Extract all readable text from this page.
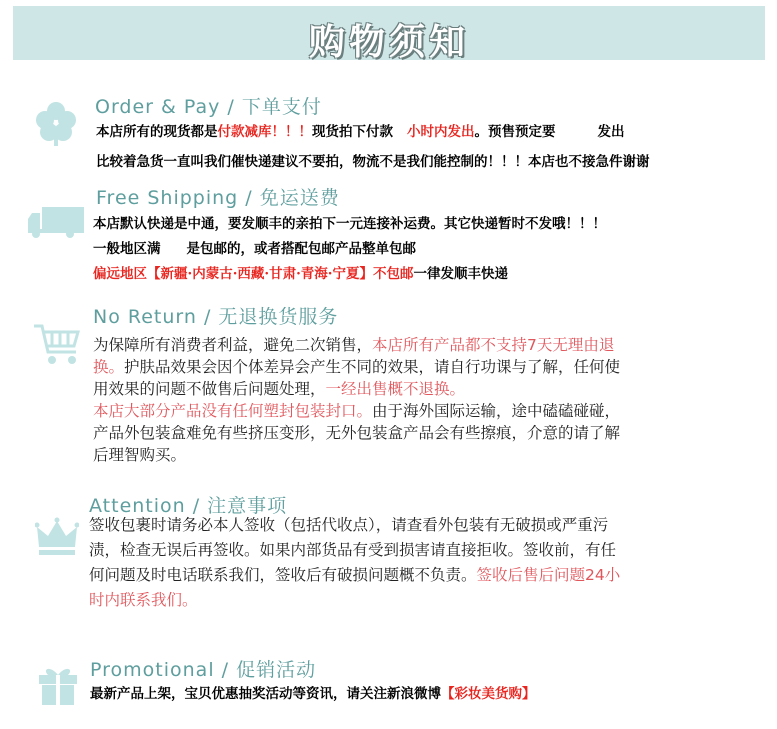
购物须知
Order & Pay / 下单支付
本店所有的现货都是付款减库！！！现货拍下付款 小时内发出。预售预定要	发出
比较着急货一直叫我们催快递建议不要拍，物流不是我们能控制的！！！本店也不接急件谢谢
Free Shipping / 免运送费
本店默认快递是中通，要发顺丰的亲拍下一元连接补运费。其它快递暂时不发哦！！！
一般地区满 是包邮的，或者搭配包邮产品整单包邮
偏远地区【新疆·内蒙古·西藏·甘肃·青海·宁夏】不包邮一律发顺丰快递
No Return / 无退换货服务
为保障所有消费者利益，避免二次销售，本店所有产品都不支持7天无理由退
换。护肤品效果会因个体差异会产生不同的效果，请自行功课与了解，任何使
用效果的问题不做售后问题处理，一经出售概不退换。
本店大部分产品没有任何塑封包装封口。由于海外国际运输，途中磕磕碰碰，
产品外包装盒难免有些挤压变形，无外包装盒产品会有些擦痕，介意的请了解
后理智购买。
Attention / 注意事项
签收包裹时请务必本人签收（包括代收点），请查看外包装有无破损或严重污
渍，检查无误后再签收。如果内部货品有受到损害请直接拒收。签收前，有任
何问题及时电话联系我们，签收后有破损问题概不负责。签收后售后问题24小
时内联系我们。
Promotional / 促销活动
最新产品上架，宝贝优惠抽奖活动等资讯，请关注新浪微博【彩妆美货购】
